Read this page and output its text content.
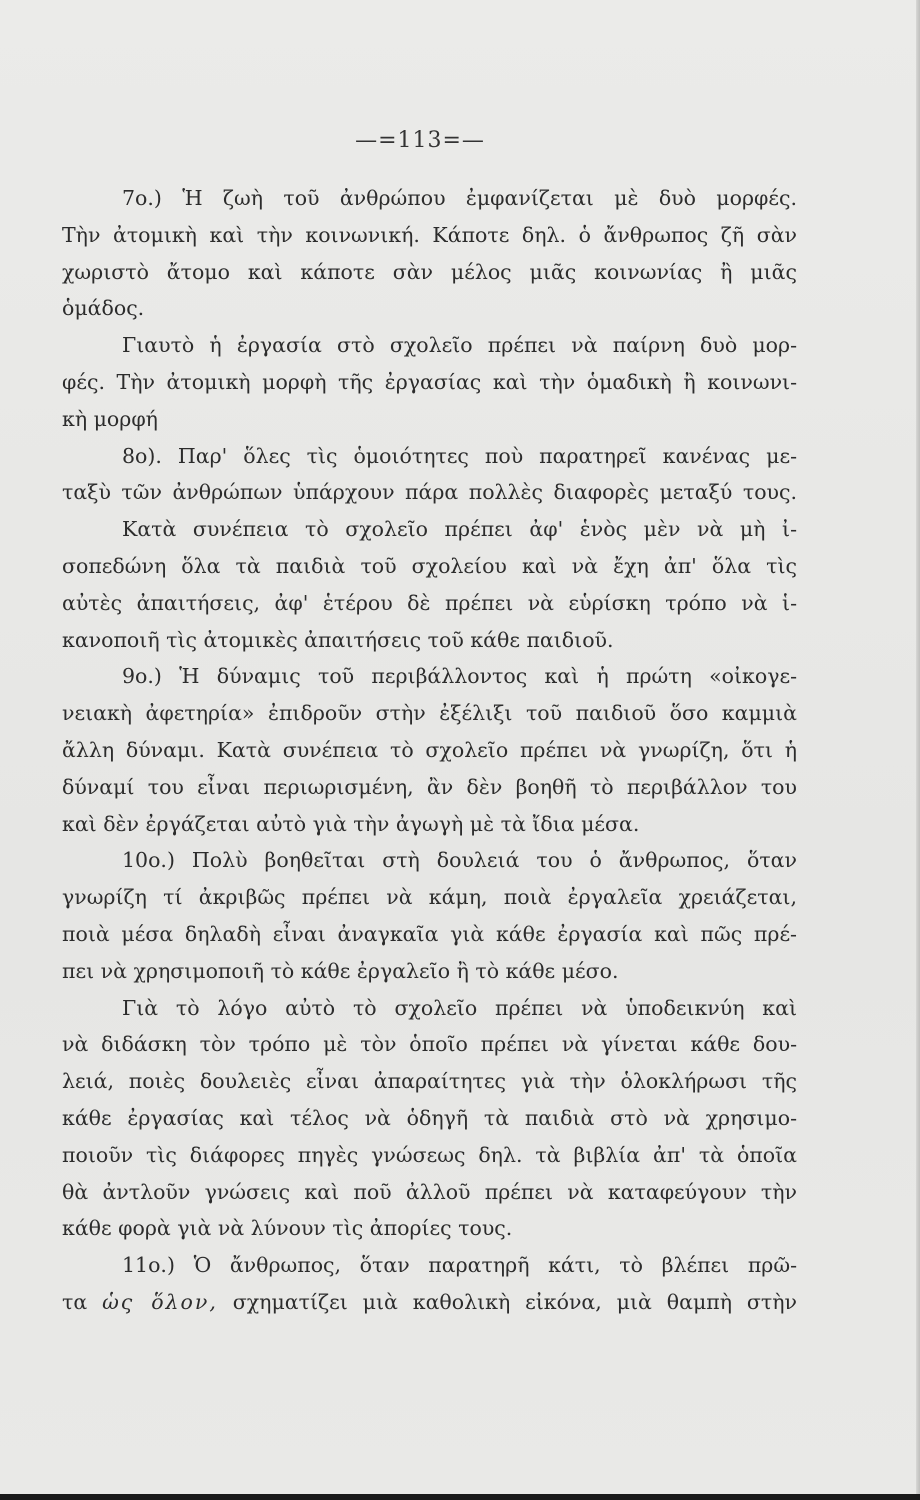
—=113=—
7ο.) Ἡ ζωὴ τοῦ ἀνθρώπου ἐμφανίζεται μὲ δυὸ μορφές.
Τὴν ἀτομικὴ καὶ τὴν κοινωνική. Κάποτε δηλ. ὁ ἄνθρωπος ζῆ σὰν
χωριστὸ ἄτομο καὶ κάποτε σὰν μέλος μιᾶς κοινωνίας ἢ μιᾶς
ὁμάδος.
Γιαυτὸ ἡ ἐργασία στὸ σχολεῖο πρέπει νὰ παίρνη δυὸ μορ-
φές. Τὴν ἀτομικὴ μορφὴ τῆς ἐργασίας καὶ τὴν ὁμαδικὴ ἢ κοινωνι-
κὴ μορφή
8ο). Παρ' ὅλες τὶς ὁμοιότητες ποὺ παρατηρεῖ κανένας με-
ταξὺ τῶν ἀνθρώπων ὑπάρχουν πάρα πολλὲς διαφορὲς μεταξύ τους.
Κατὰ συνέπεια τὸ σχολεῖο πρέπει ἀφ' ἑνὸς μὲν νὰ μὴ ἰ-
σοπεδώνη ὅλα τὰ παιδιὰ τοῦ σχολείου καὶ νὰ ἔχη ἀπ' ὅλα τὶς
αὐτὲς ἀπαιτήσεις, ἀφ' ἑτέρου δὲ πρέπει νὰ εὑρίσκη τρόπο νὰ ἱ-
κανοποιῆ τὶς ἀτομικὲς ἀπαιτήσεις τοῦ κάθε παιδιοῦ.
9ο.) Ἡ δύναμις τοῦ περιβάλλοντος καὶ ἡ πρώτη «οἰκογε-
νειακὴ ἀφετηρία» ἐπιδροῦν στὴν ἐξέλιξι τοῦ παιδιοῦ ὅσο καμμιὰ
ἄλλη δύναμι. Κατὰ συνέπεια τὸ σχολεῖο πρέπει νὰ γνωρίζη, ὅτι ἡ
δύναμί του εἶναι περιωρισμένη, ἂν δὲν βοηθῆ τὸ περιβάλλον του
καὶ δὲν ἐργάζεται αὐτὸ γιὰ τὴν ἀγωγὴ μὲ τὰ ἴδια μέσα.
10ο.) Πολὺ βοηθεῖται στὴ δουλειά του ὁ ἄνθρωπος, ὅταν
γνωρίζη τί ἀκριβῶς πρέπει νὰ κάμη, ποιὰ ἐργαλεῖα χρειάζεται,
ποιὰ μέσα δηλαδὴ εἶναι ἀναγκαῖα γιὰ κάθε ἐργασία καὶ πῶς πρέ-
πει νὰ χρησιμοποιῆ τὸ κάθε ἐργαλεῖο ἢ τὸ κάθε μέσο.
Γιὰ τὸ λόγο αὐτὸ τὸ σχολεῖο πρέπει νὰ ὑποδεικνύη καὶ
νὰ διδάσκη τὸν τρόπο μὲ τὸν ὁποῖο πρέπει νὰ γίνεται κάθε δου-
λειά, ποιὲς δουλειὲς εἶναι ἀπαραίτητες γιὰ τὴν ὁλοκλήρωσι τῆς
κάθε ἐργασίας καὶ τέλος νὰ ὁδηγῆ τὰ παιδιὰ στὸ νὰ χρησιμο-
ποιοῦν τὶς διάφορες πηγὲς γνώσεως δηλ. τὰ βιβλία ἀπ' τὰ ὁποῖα
θὰ ἀντλοῦν γνώσεις καὶ ποῦ ἀλλοῦ πρέπει νὰ καταφεύγουν τὴν
κάθε φορὰ γιὰ νὰ λύνουν τὶς ἀπορίες τους.
11ο.) Ὁ ἄνθρωπος, ὅταν παρατηρῆ κάτι, τὸ βλέπει πρῶ-
τα ὡς ὅλον, σχηματίζει μιὰ καθολικὴ εἰκόνα, μιὰ θαμπὴ στὴν
